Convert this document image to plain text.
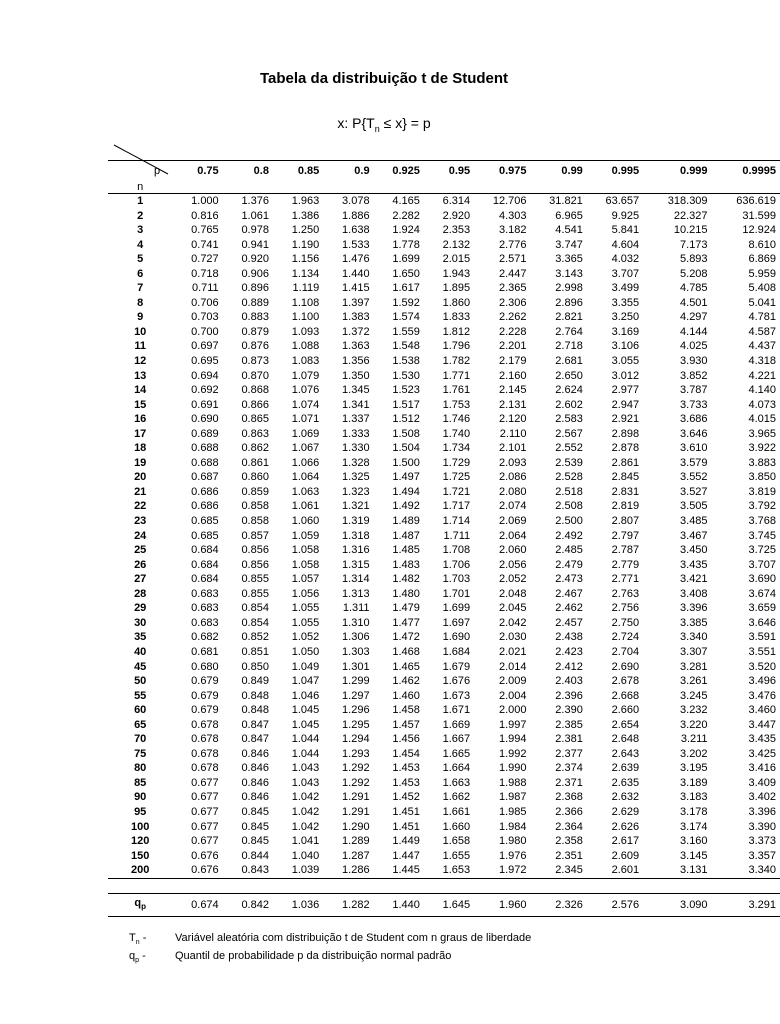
Tabela da distribuição t de Student
x: $P\{T_n \le x\} = p$
p	0.75	0.8	0.85	0.9	0.925	0.95	0.975	0.99	0.995	0.999	0.9995
n											
1	1.000	1.376	1.963	3.078	4.165	6.314	12.706	31.821	63.657	318.309	636.619
2	0.816	1.061	1.386	1.886	2.282	2.920	4.303	6.965	9.925	22.327	31.599
3	0.765	0.978	1.250	1.638	1.924	2.353	3.182	4.541	5.841	10.215	12.924
4	0.741	0.941	1.190	1.533	1.778	2.132	2.776	3.747	4.604	7.173	8.610
5	0.727	0.920	1.156	1.476	1.699	2.015	2.571	3.365	4.032	5.893	6.869
6	0.718	0.906	1.134	1.440	1.650	1.943	2.447	3.143	3.707	5.208	5.959
7	0.711	0.896	1.119	1.415	1.617	1.895	2.365	2.998	3.499	4.785	5.408
8	0.706	0.889	1.108	1.397	1.592	1.860	2.306	2.896	3.355	4.501	5.041
9	0.703	0.883	1.100	1.383	1.574	1.833	2.262	2.821	3.250	4.297	4.781
10	0.700	0.879	1.093	1.372	1.559	1.812	2.228	2.764	3.169	4.144	4.587
11	0.697	0.876	1.088	1.363	1.548	1.796	2.201	2.718	3.106	4.025	4.437
12	0.695	0.873	1.083	1.356	1.538	1.782	2.179	2.681	3.055	3.930	4.318
13	0.694	0.870	1.079	1.350	1.530	1.771	2.160	2.650	3.012	3.852	4.221
14	0.692	0.868	1.076	1.345	1.523	1.761	2.145	2.624	2.977	3.787	4.140
15	0.691	0.866	1.074	1.341	1.517	1.753	2.131	2.602	2.947	3.733	4.073
16	0.690	0.865	1.071	1.337	1.512	1.746	2.120	2.583	2.921	3.686	4.015
17	0.689	0.863	1.069	1.333	1.508	1.740	2.110	2.567	2.898	3.646	3.965
18	0.688	0.862	1.067	1.330	1.504	1.734	2.101	2.552	2.878	3.610	3.922
19	0.688	0.861	1.066	1.328	1.500	1.729	2.093	2.539	2.861	3.579	3.883
20	0.687	0.860	1.064	1.325	1.497	1.725	2.086	2.528	2.845	3.552	3.850
21	0.686	0.859	1.063	1.323	1.494	1.721	2.080	2.518	2.831	3.527	3.819
22	0.686	0.858	1.061	1.321	1.492	1.717	2.074	2.508	2.819	3.505	3.792
23	0.685	0.858	1.060	1.319	1.489	1.714	2.069	2.500	2.807	3.485	3.768
24	0.685	0.857	1.059	1.318	1.487	1.711	2.064	2.492	2.797	3.467	3.745
25	0.684	0.856	1.058	1.316	1.485	1.708	2.060	2.485	2.787	3.450	3.725
26	0.684	0.856	1.058	1.315	1.483	1.706	2.056	2.479	2.779	3.435	3.707
27	0.684	0.855	1.057	1.314	1.482	1.703	2.052	2.473	2.771	3.421	3.690
28	0.683	0.855	1.056	1.313	1.480	1.701	2.048	2.467	2.763	3.408	3.674
29	0.683	0.854	1.055	1.311	1.479	1.699	2.045	2.462	2.756	3.396	3.659
30	0.683	0.854	1.055	1.310	1.477	1.697	2.042	2.457	2.750	3.385	3.646
35	0.682	0.852	1.052	1.306	1.472	1.690	2.030	2.438	2.724	3.340	3.591
40	0.681	0.851	1.050	1.303	1.468	1.684	2.021	2.423	2.704	3.307	3.551
45	0.680	0.850	1.049	1.301	1.465	1.679	2.014	2.412	2.690	3.281	3.520
50	0.679	0.849	1.047	1.299	1.462	1.676	2.009	2.403	2.678	3.261	3.496
55	0.679	0.848	1.046	1.297	1.460	1.673	2.004	2.396	2.668	3.245	3.476
60	0.679	0.848	1.045	1.296	1.458	1.671	2.000	2.390	2.660	3.232	3.460
65	0.678	0.847	1.045	1.295	1.457	1.669	1.997	2.385	2.654	3.220	3.447
70	0.678	0.847	1.044	1.294	1.456	1.667	1.994	2.381	2.648	3.211	3.435
75	0.678	0.846	1.044	1.293	1.454	1.665	1.992	2.377	2.643	3.202	3.425
80	0.678	0.846	1.043	1.292	1.453	1.664	1.990	2.374	2.639	3.195	3.416
85	0.677	0.846	1.043	1.292	1.453	1.663	1.988	2.371	2.635	3.189	3.409
90	0.677	0.846	1.042	1.291	1.452	1.662	1.987	2.368	2.632	3.183	3.402
95	0.677	0.845	1.042	1.291	1.451	1.661	1.985	2.366	2.629	3.178	3.396
100	0.677	0.845	1.042	1.290	1.451	1.660	1.984	2.364	2.626	3.174	3.390
120	0.677	0.845	1.041	1.289	1.449	1.658	1.980	2.358	2.617	3.160	3.373
150	0.676	0.844	1.040	1.287	1.447	1.655	1.976	2.351	2.609	3.145	3.357
200	0.676	0.843	1.039	1.286	1.445	1.653	1.972	2.345	2.601	3.131	3.340

$q_p$	0.674	0.842	1.036	1.282	1.440	1.645	1.960	2.326	2.576	3.090	3.291
$T_n$ -	Variável aleatória com distribuição t de Student com n graus de liberdade
$q_p$ -	Quantil de probabilidade p da distribuição normal padrão
